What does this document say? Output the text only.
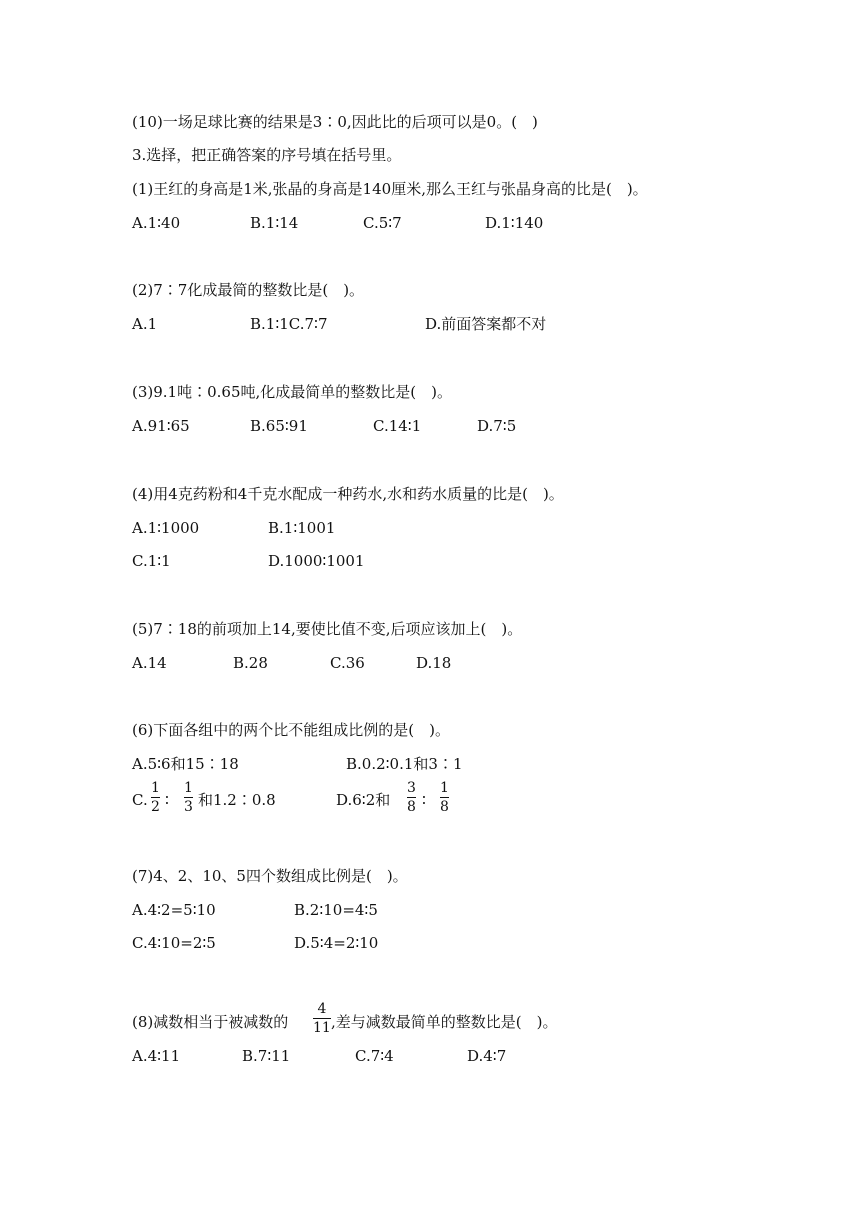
(10)一场足球比赛的结果是3∶0,因此比的后项可以是0。(　)
3.选择，把正确答案的序号填在括号里。
(1)王红的身高是1米,张晶的身高是140厘米,那么王红与张晶身高的比是(　)。
A.1∶40	B.1∶14	C.5∶7	D.1∶140
(2)7∶7化成最简的整数比是(　)。
A.1	B.1∶1C.7∶7	D.前面答案都不对
(3)9.1吨∶0.65吨,化成最简单的整数比是(　)。
A.91∶65	B.65∶91	C.14∶1	D.7∶5
(4)用4克药粉和4千克水配成一种药水,水和药水质量的比是(　)。
A.1∶1000	B.1∶1001
C.1∶1	D.1000∶1001
(5)7∶18的前项加上14,要使比值不变,后项应该加上(　)。
A.14	B.28	C.36	D.18
(6)下面各组中的两个比不能组成比例的是(　)。
A.5∶6和15∶18	B.0.2∶0.1和3∶1
C.
1
2 ∶
1
3 和1.2∶0.8	D.6∶2和
3
8 ∶
1
8
(7)4、2、10、5四个数组成比例是(　)。
A.4∶2=5∶10	B.2∶10=4∶5
C.4∶10=2∶5	D.5∶4=2∶10
(8)减数相当于被减数的
4
11 ,差与减数最简单的整数比是(　)。
A.4∶11	B.7∶11	C.7∶4	D.4∶7
